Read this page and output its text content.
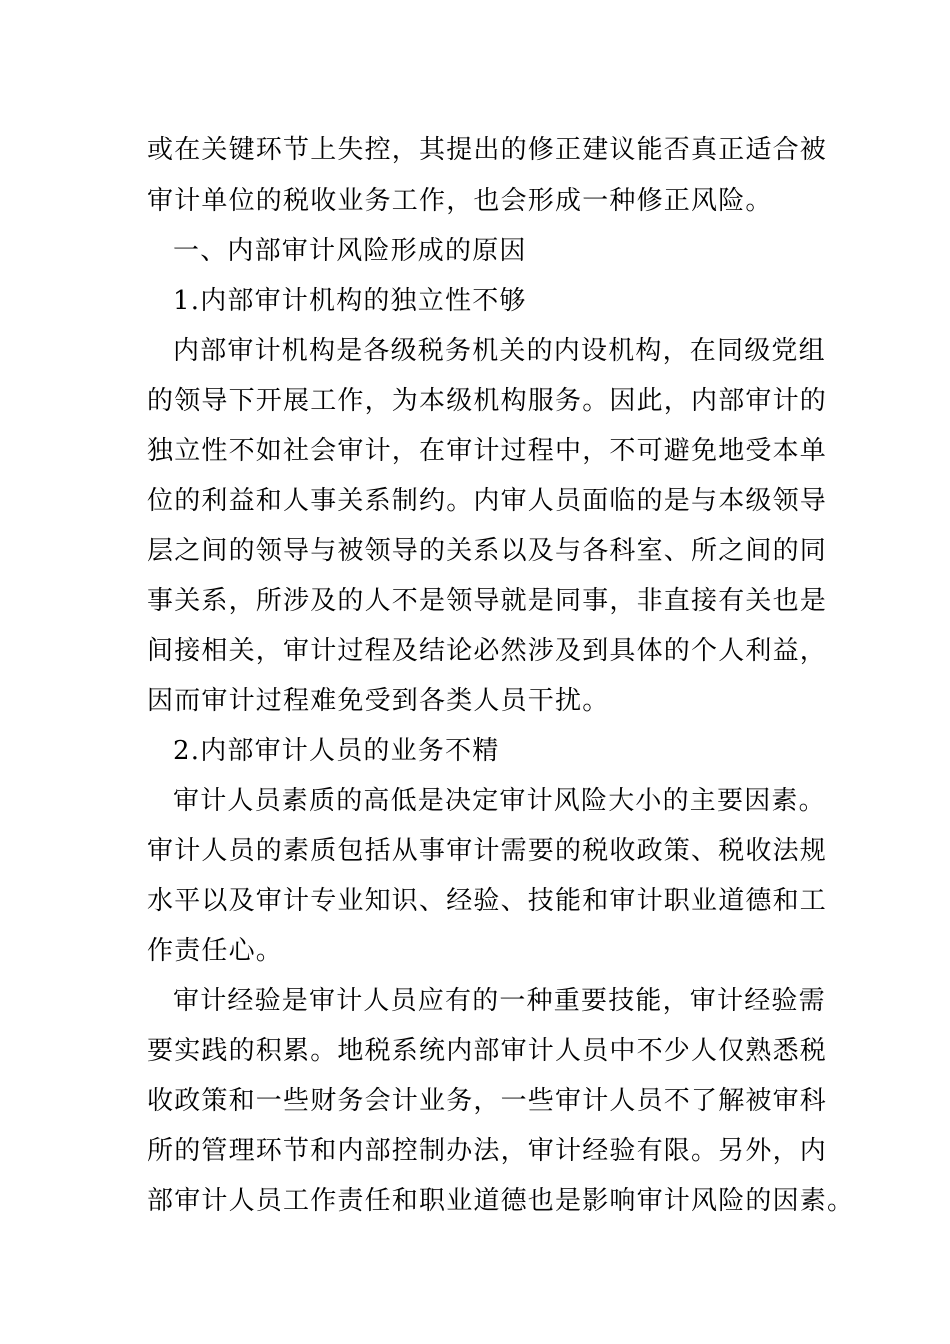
或在关键环节上失控，其提出的修正建议能否真正适合被
审计单位的税收业务工作，也会形成一种修正风险。
一、内部审计风险形成的原因
1.内部审计机构的独立性不够
内部审计机构是各级税务机关的内设机构，在同级党组
的领导下开展工作，为本级机构服务。因此，内部审计的
独立性不如社会审计，在审计过程中，不可避免地受本单
位的利益和人事关系制约。内审人员面临的是与本级领导
层之间的领导与被领导的关系以及与各科室、所之间的同
事关系，所涉及的人不是领导就是同事，非直接有关也是
间接相关，审计过程及结论必然涉及到具体的个人利益，
因而审计过程难免受到各类人员干扰。
2.内部审计人员的业务不精
审计人员素质的高低是决定审计风险大小的主要因素。
审计人员的素质包括从事审计需要的税收政策、税收法规
水平以及审计专业知识、经验、技能和审计职业道德和工
作责任心。
审计经验是审计人员应有的一种重要技能，审计经验需
要实践的积累。地税系统内部审计人员中不少人仅熟悉税
收政策和一些财务会计业务，一些审计人员不了解被审科
所的管理环节和内部控制办法，审计经验有限。另外，内
部审计人员工作责任和职业道德也是影响审计风险的因素。
